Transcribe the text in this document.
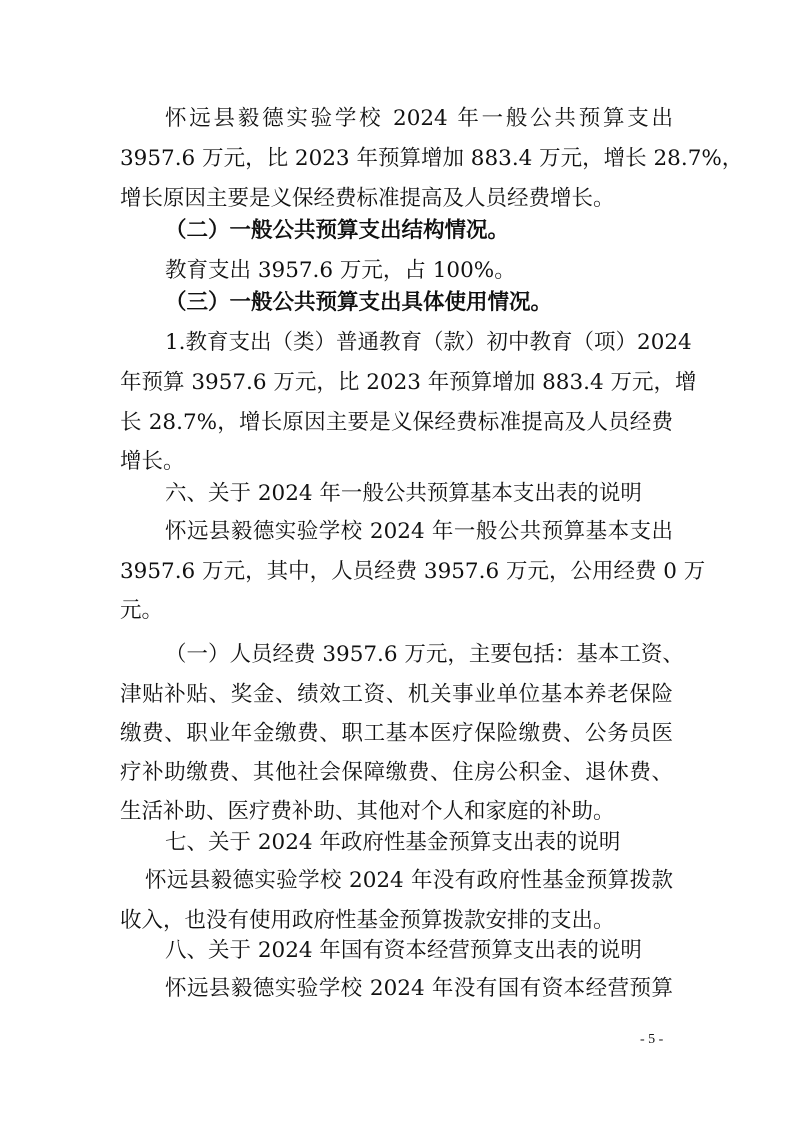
怀远县毅德实验学校 2024 年一般公共预算支出
3957.6 万元，比 2023 年预算增加 883.4 万元，增长 28.7%，
增长原因主要是义保经费标准提高及人员经费增长。
（二）一般公共预算支出结构情况。
教育支出 3957.6 万元，占 100%。
（三）一般公共预算支出具体使用情况。
1.教育支出（类）普通教育（款）初中教育（项）2024
年预算 3957.6 万元，比 2023 年预算增加 883.4 万元，增
长 28.7%，增长原因主要是义保经费标准提高及人员经费
增长。
六、关于 2024 年一般公共预算基本支出表的说明
怀远县毅德实验学校 2024 年一般公共预算基本支出
3957.6 万元，其中，人员经费 3957.6 万元，公用经费 0 万
元。
（一）人员经费 3957.6 万元，主要包括：基本工资、
津贴补贴、奖金、绩效工资、机关事业单位基本养老保险
缴费、职业年金缴费、职工基本医疗保险缴费、公务员医
疗补助缴费、其他社会保障缴费、住房公积金、退休费、
生活补助、医疗费补助、其他对个人和家庭的补助。
七、关于 2024 年政府性基金预算支出表的说明
怀远县毅德实验学校 2024 年没有政府性基金预算拨款
收入，也没有使用政府性基金预算拨款安排的支出。
八、关于 2024 年国有资本经营预算支出表的说明
怀远县毅德实验学校 2024 年没有国有资本经营预算
- 5 -
